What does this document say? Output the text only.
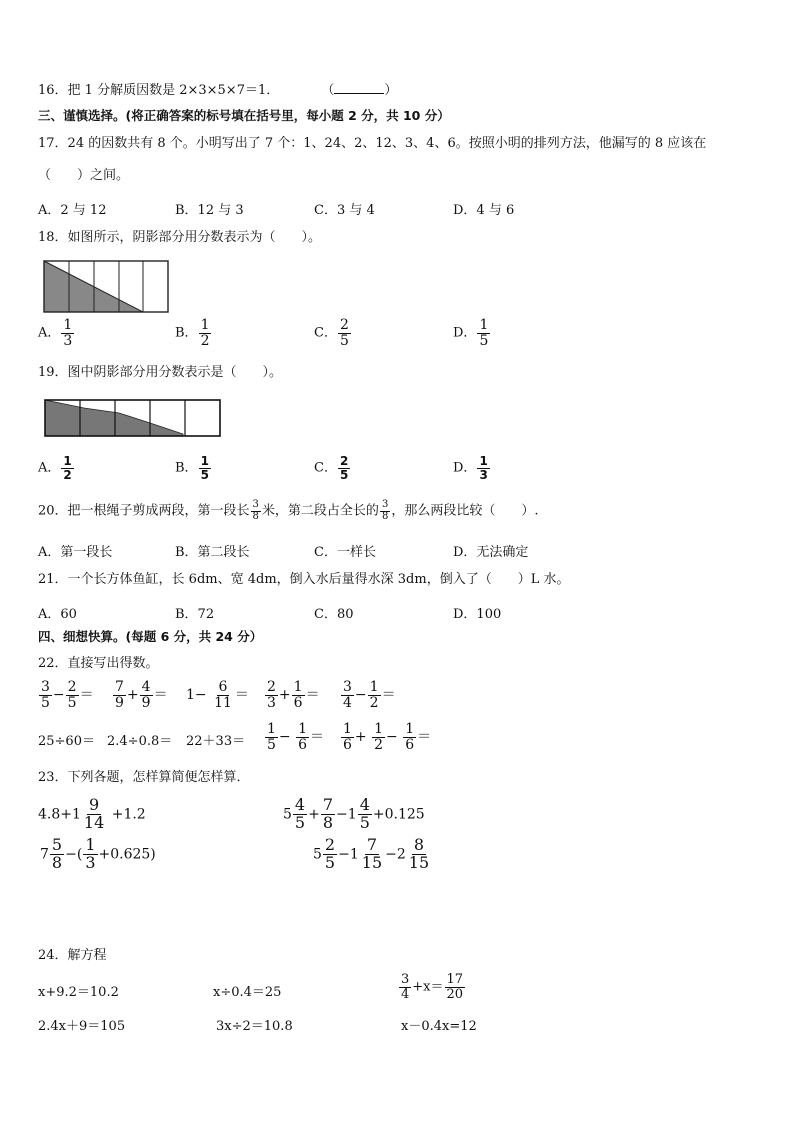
16．把 1 分解质因数是 2×3×5×7＝1．	（	）
三、谨慎选择。(将正确答案的标号填在括号里，每小题 2 分，共 10 分）
17．24 的因数共有 8 个。小明写出了 7 个：1、24、2、12、3、4、6。按照小明的排列方法，他漏写的 8 应该在
（　　）之间。
A．2 与 12	B．12 与 3	C．3 与 4	D．4 与 6
18．如图所示，阴影部分用分数表示为（　　）。
A． $\frac{1}{3}$	B． $\frac{1}{2}$	C． $\frac{2}{5}$	D． $\frac{1}{5}$
19．图中阴影部分用分数表示是（　　）。
A． $\frac{1}{2}$	B． $\frac{1}{5}$	C． $\frac{2}{5}$	D． $\frac{1}{3}$
20．把一根绳子剪成两段，第一段长 $\frac{3}{8}$ 米，第二段占全长的 $\frac{3}{8}$ ，那么两段比较（　　）.
A．第一段长	B．第二段长	C．一样长	D．无法确定
21．一个长方体鱼缸，长 6dm、宽 4dm，倒入水后量得水深 3dm，倒入了（　　）L 水。
A．60	B．72	C．80	D．100
四、细想快算。(每题 6 分，共 24 分）
22．直接写出得数。
$\frac{3}{5} - \frac{2}{5} = \frac{7}{9} + \frac{4}{9} = 1- \frac{6}{11} = \frac{2}{3} + \frac{1}{6} = \frac{3}{4} - \frac{1}{2}$ ＝
$25\div 60= 2.4\div 0.8= 22+33= \frac{1}{5} - \frac{1}{6} = \frac{1}{6} + \frac{1}{2} - \frac{1}{6}$ ＝
23．下列各题，怎样算简便怎样算．
$4.8+1 \frac{9}{14} +1.2$	$5 \frac{4}{5} + \frac{7}{8} -1 \frac{4}{5} +0.125$
$7 \frac{5}{8}$ −( $\frac{1}{3} +0.625$)	$5 \frac{2}{5} -1 \frac{7}{15} -2 \frac{8}{15}$
24．解方程
x+9.2＝10.2	x÷0.4＝25	$\frac{3}{4} +x= \frac{17}{20}$
2.4x＋9＝105	3x÷2＝10.8	x－0.4x=12
